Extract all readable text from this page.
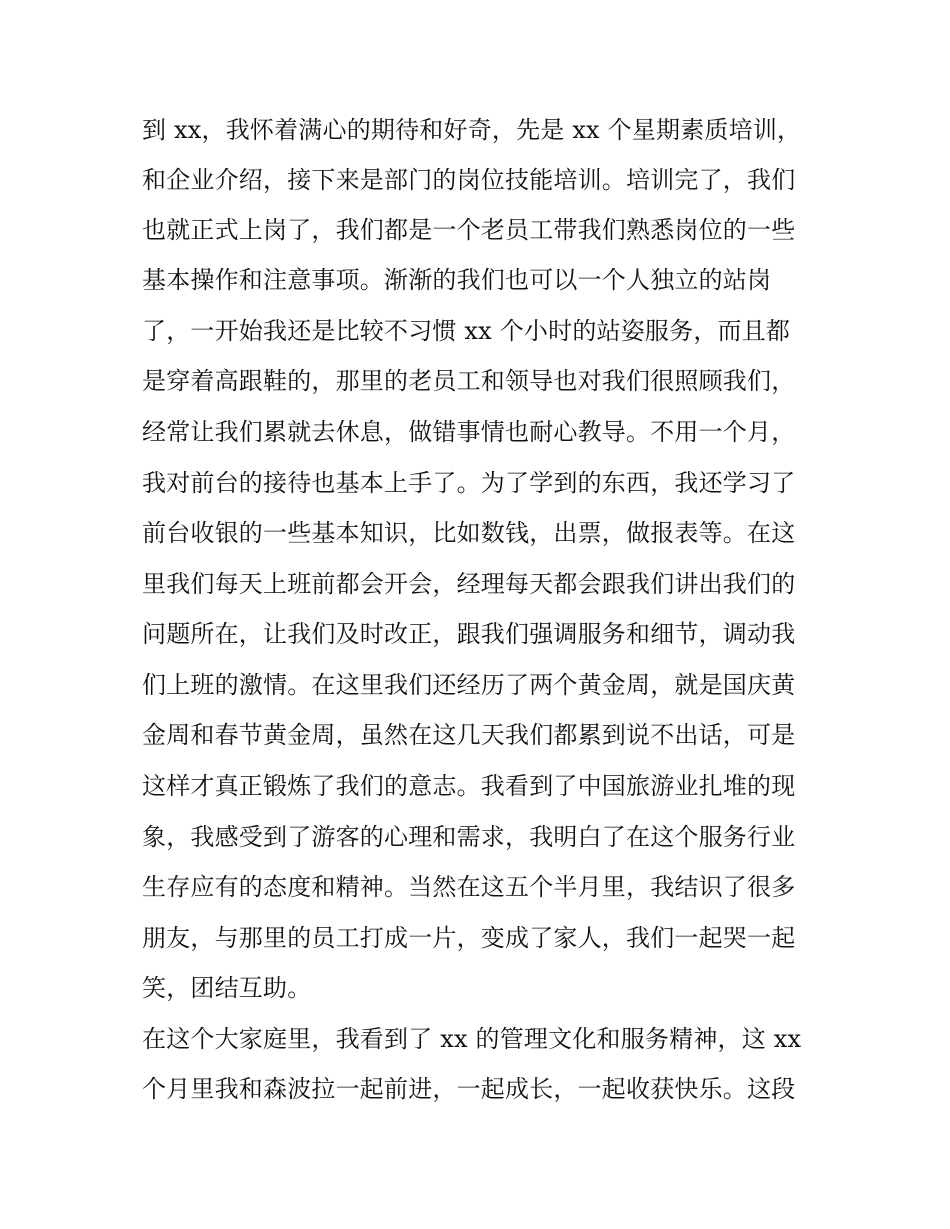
到 xx，我怀着满心的期待和好奇，先是 xx 个星期素质培训，
和企业介绍，接下来是部门的岗位技能培训。培训完了，我们
也就正式上岗了，我们都是一个老员工带我们熟悉岗位的一些
基本操作和注意事项。渐渐的我们也可以一个人独立的站岗
了，一开始我还是比较不习惯 xx 个小时的站姿服务，而且都
是穿着高跟鞋的，那里的老员工和领导也对我们很照顾我们，
经常让我们累就去休息，做错事情也耐心教导。不用一个月，
我对前台的接待也基本上手了。为了学到的东西，我还学习了
前台收银的一些基本知识，比如数钱，出票，做报表等。在这
里我们每天上班前都会开会，经理每天都会跟我们讲出我们的
问题所在，让我们及时改正，跟我们强调服务和细节，调动我
们上班的激情。在这里我们还经历了两个黄金周，就是国庆黄
金周和春节黄金周，虽然在这几天我们都累到说不出话，可是
这样才真正锻炼了我们的意志。我看到了中国旅游业扎堆的现
象，我感受到了游客的心理和需求，我明白了在这个服务行业
生存应有的态度和精神。当然在这五个半月里，我结识了很多
朋友，与那里的员工打成一片，变成了家人，我们一起哭一起
笑，团结互助。
在这个大家庭里，我看到了 xx 的管理文化和服务精神，这 xx
个月里我和森波拉一起前进，一起成长，一起收获快乐。这段
